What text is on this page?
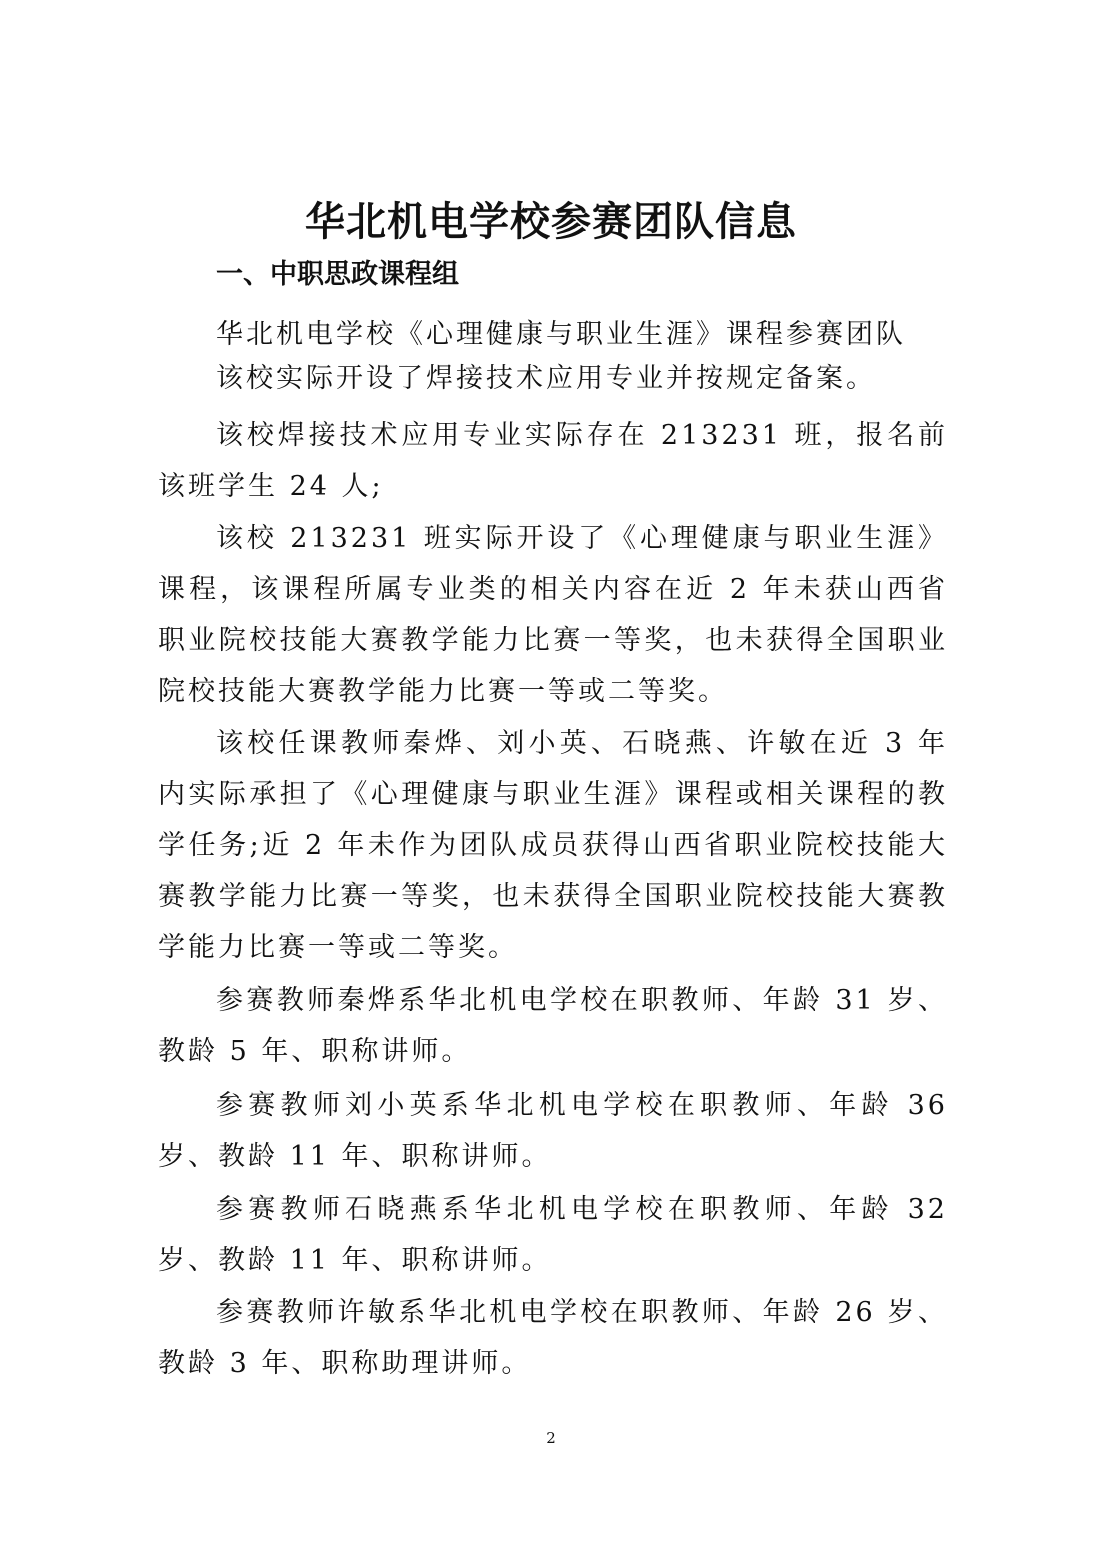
华北机电学校参赛团队信息
一、中职思政课程组

华北机电学校《心理健康与职业生涯》课程参赛团队

该校实际开设了焊接技术应用专业并按规定备案。

该校焊接技术应用专业实际存在 213231 班，报名前该班学生 24 人;

该校 213231 班实际开设了《心理健康与职业生涯》课程，该课程所属专业类的相关内容在近 2 年未获山西省职业院校技能大赛教学能力比赛一等奖，也未获得全国职业院校技能大赛教学能力比赛一等或二等奖。

该校任课教师秦烨、刘小英、石晓燕、许敏在近 3 年内实际承担了《心理健康与职业生涯》课程或相关课程的教学任务;近 2 年未作为团队成员获得山西省职业院校技能大赛教学能力比赛一等奖，也未获得全国职业院校技能大赛教学能力比赛一等或二等奖。

参赛教师秦烨系华北机电学校在职教师、年龄 31 岁、教龄 5 年、职称讲师。

参赛教师刘小英系华北机电学校在职教师、年龄 36 岁、教龄 11 年、职称讲师。

参赛教师石晓燕系华北机电学校在职教师、年龄 32 岁、教龄 11 年、职称讲师。

参赛教师许敏系华北机电学校在职教师、年龄 26 岁、教龄 3 年、职称助理讲师。

2
